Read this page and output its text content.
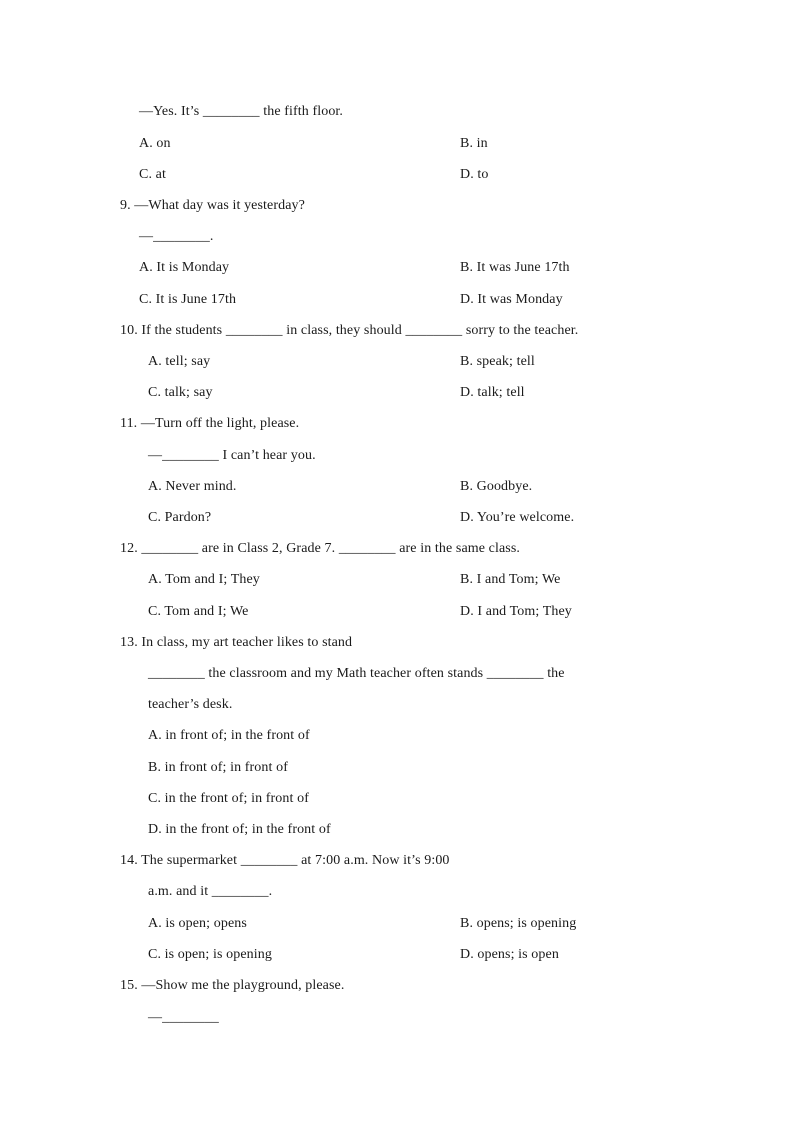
—Yes. It’s ________ the fifth floor.
A. on	B. in
C. at	D. to
9. —What day was it yesterday?
—________.
A. It is Monday	B. It was June 17th
C. It is June 17th	D. It was Monday
10. If the students ________ in class, they should ________ sorry to the teacher.
A. tell; say	B. speak; tell
C. talk; say	D. talk; tell
11. —Turn off the light, please.
—________ I can’t hear you.
A. Never mind.	B. Goodbye.
C. Pardon?	D. You’re welcome.
12. ________ are in Class 2, Grade 7. ________ are in the same class.
A. Tom and I; They	B. I and Tom; We
C. Tom and I; We	D. I and Tom; They
13. In class, my art teacher likes to stand
________ the classroom and my Math teacher often stands ________ the
teacher’s desk.
A. in front of; in the front of
B. in front of; in front of
C. in the front of; in front of
D. in the front of; in the front of
14. The supermarket ________ at 7:00 a.m. Now it’s 9:00
a.m. and it ________.
A. is open; opens	B. opens; is opening
C. is open; is opening	D. opens; is open
15. —Show me the playground, please.
—________
